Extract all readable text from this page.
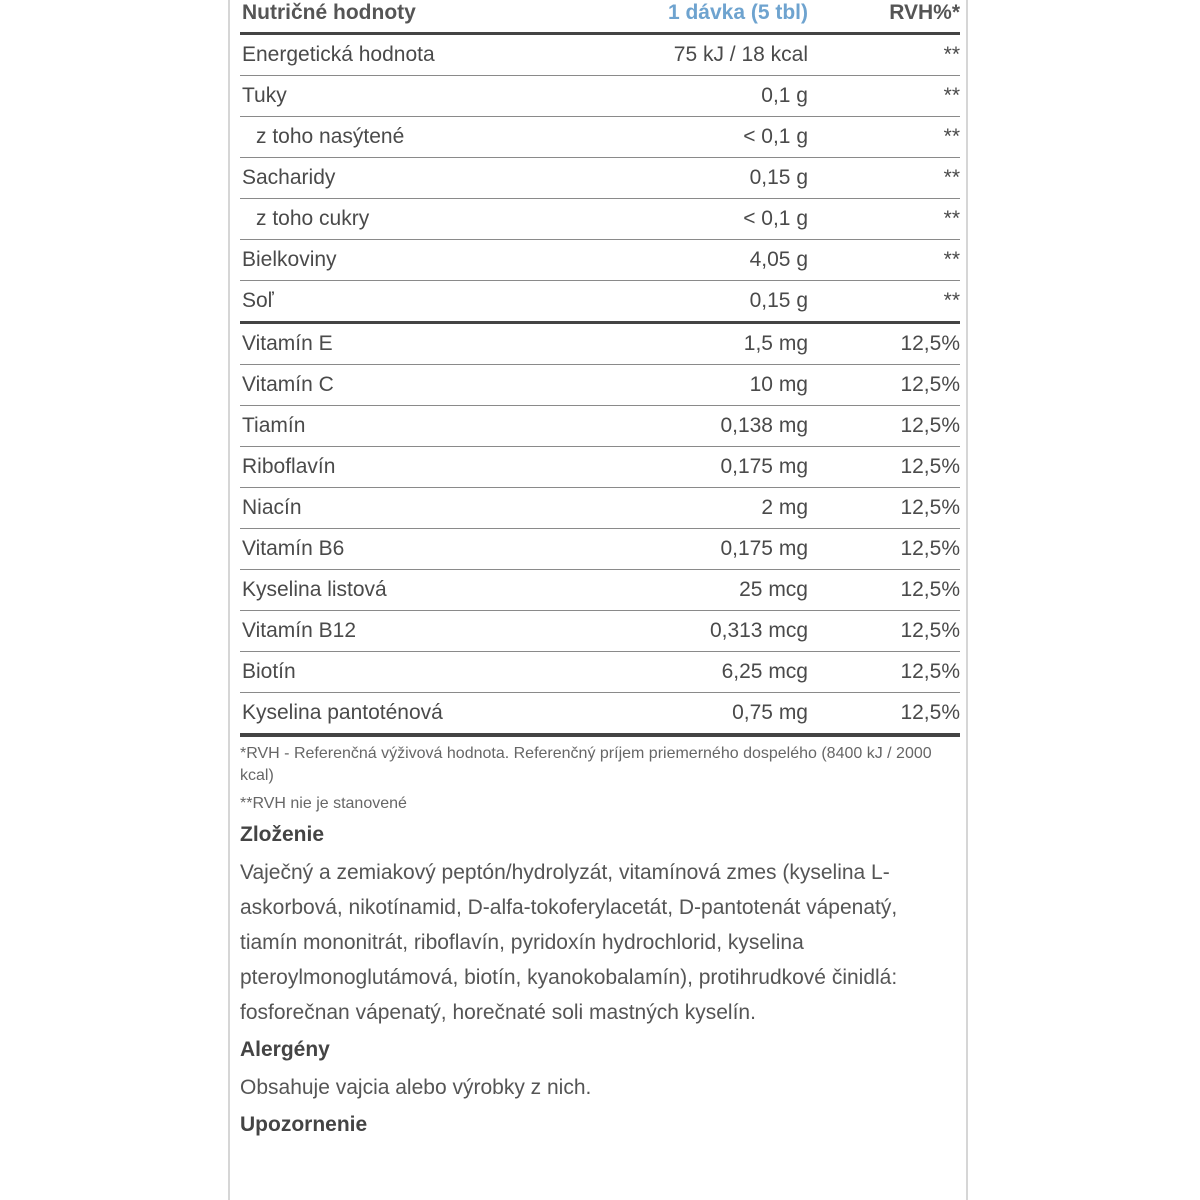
Nutričné hodnoty	1 dávka (5 tbl)	RVH%*
Energetická hodnota	75 kJ / 18 kcal	**
Tuky	0,1 g	**
z toho nasýtené	< 0,1 g	**
Sacharidy	0,15 g	**
z toho cukry	< 0,1 g	**
Bielkoviny	4,05 g	**
Soľ	0,15 g	**
Vitamín E	1,5 mg	12,5%
Vitamín C	10 mg	12,5%
Tiamín	0,138 mg	12,5%
Riboflavín	0,175 mg	12,5%
Niacín	2 mg	12,5%
Vitamín B6	0,175 mg	12,5%
Kyselina listová	25 mcg	12,5%
Vitamín B12	0,313 mcg	12,5%
Biotín	6,25 mcg	12,5%
Kyselina pantoténová	0,75 mg	12,5%

*RVH - Referenčná výživová hodnota. Referenčný príjem priemerného dospelého (8400 kJ / 2000 kcal)

**RVH nie je stanovené

Zloženie

Vaječný a zemiakový peptón/hydrolyzát, vitamínová zmes (kyselina L-askorbová, nikotínamid, D-alfa-tokoferylacetát, D-pantotenát vápenatý, tiamín mononitrát, riboflavín, pyridoxín hydrochlorid, kyselina pteroylmonoglutámová, biotín, kyanokobalamín), protihrudkové činidlá: fosforečnan vápenatý, horečnaté soli mastných kyselín.

Alergény

Obsahuje vajcia alebo výrobky z nich.

Upozornenie
